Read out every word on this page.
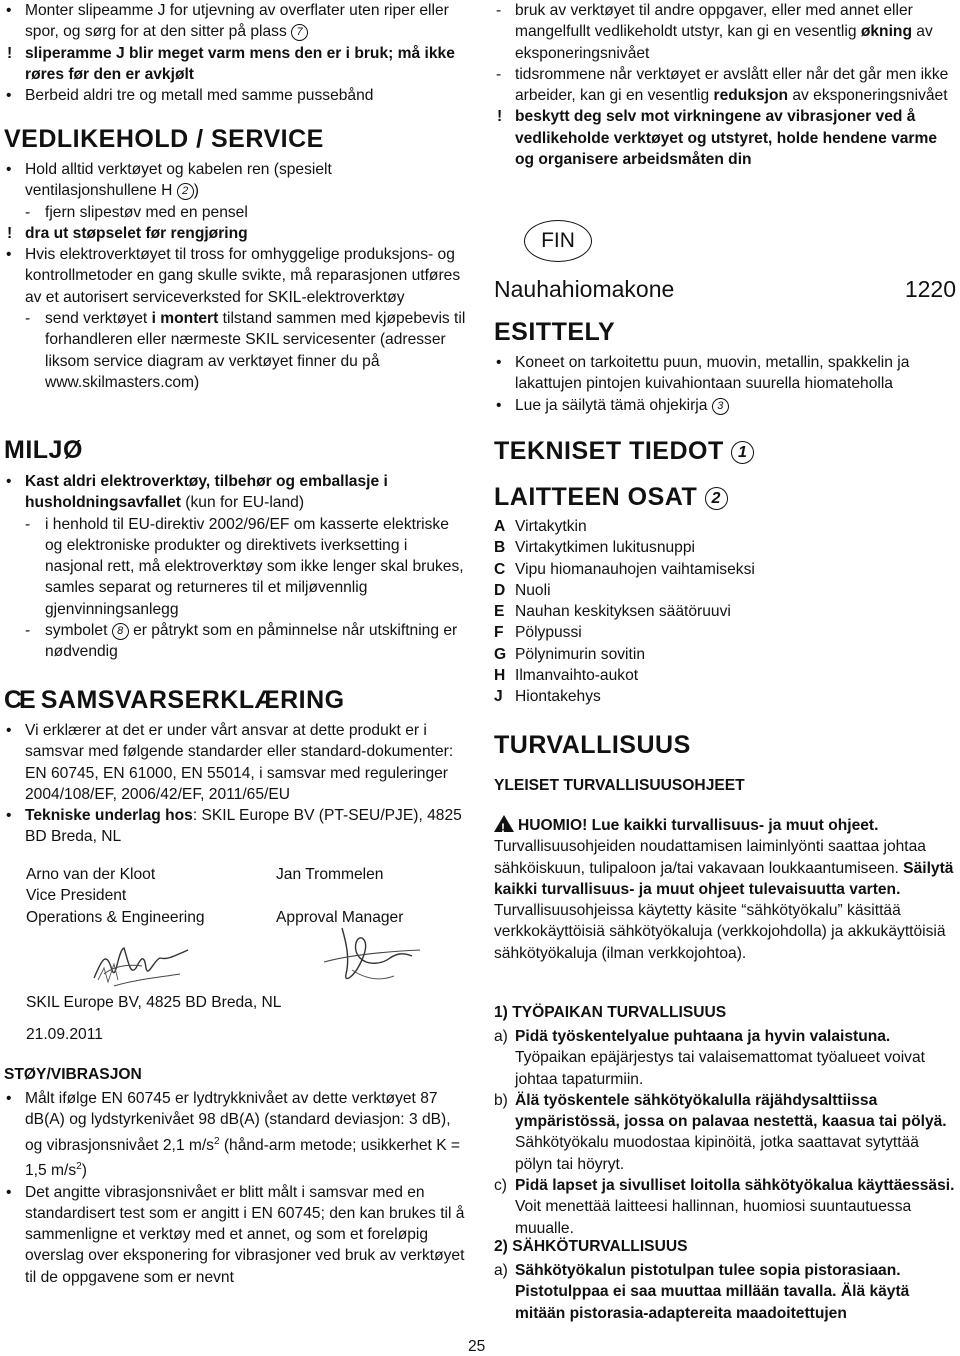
• Monter slipeamme J for utjevning av overflater uten riper eller spor, og sørg for at den sitter på plass 7

! sliperamme J blir meget varm mens den er i bruk; må ikke røres før den er avkjølt

• Berbeid aldri tre og metall med samme pussebånd

VEDLIKEHOLD / SERVICE

• Hold alltid verktøyet og kabelen ren (spesielt ventilasjonshullene H 2 )

- fjern slipestøv med en pensel

! dra ut støpselet før rengjøring

• Hvis elektroverktøyet til tross for omhyggelige produksjons- og kontrollmetoder en gang skulle svikte, må reparasjonen utføres av et autorisert serviceverksted for SKIL-elektroverktøy

- send verktøyet i montert tilstand sammen med kjøpebevis til forhandleren eller nærmeste SKIL servicesenter (adresser liksom service diagram av verktøyet finner du på www.skilmasters.com)

MILJØ

• Kast aldri elektroverktøy, tilbehør og emballasje i husholdningsavfallet (kun for EU-land)

- i henhold til EU-direktiv 2002/96/EF om kasserte elektriske og elektroniske produkter og direktivets iverksetting i nasjonal rett, må elektroverktøy som ikke lenger skal brukes, samles separat og returneres til et miljøvennlig gjenvinningsanlegg

- symbolet 8 er påtrykt som en påminnelse når utskiftning er nødvendig

CE SAMSVARSERKLÆRING

• Vi erklærer at det er under vårt ansvar at dette produkt er i samsvar med følgende standarder eller standard-dokumenter: EN 60745, EN 61000, EN 55014, i samsvar med reguleringer 2004/108/EF, 2006/42/EF, 2011/65/EU

• Tekniske underlag hos: SKIL Europe BV (PT-SEU/PJE), 4825 BD Breda, NL

Arno van der Kloot
Vice President
Operations & Engineering
Jan Trommelen
Approval Manager
SKIL Europe BV, 4825 BD Breda, NL
21.09.2011
STØY/VIBRASJON

• Målt ifølge EN 60745 er lydtrykknivået av dette verktøyet 87 dB(A) og lydstyrkenivået 98 dB(A) (standard deviasjon: 3 dB), og vibrasjonsnivået 2,1 $m/s^2$ (hånd-arm metode; usikkerhet K = 1,5 $m/s^2$)

• Det angitte vibrasjonsnivået er blitt målt i samsvar med en standardisert test som er angitt i EN 60745; den kan brukes til å sammenligne et verktøy med et annet, og som et foreløpig overslag over eksponering for vibrasjoner ved bruk av verktøyet til de oppgavene som er nevnt

- bruk av verktøyet til andre oppgaver, eller med annet eller mangelfullt vedlikeholdt utstyr, kan gi en vesentlig økning av eksponeringsnivået

- tidsrommene når verktøyet er avslått eller når det går men ikke arbeider, kan gi en vesentlig reduksjon av eksponeringsnivået

! beskytt deg selv mot virkningene av vibrasjoner ved å vedlikeholde verktøyet og utstyret, holde hendene varme og organisere arbeidsmåten din

FIN
Nauhahiomakone	1220
ESITTELY

• Koneet on tarkoitettu puun, muovin, metallin, spakkelin ja lakattujen pintojen kuivahiontaan suurella hiomateholla

• Lue ja säilytä tämä ohjekirja 3

TEKNISET TIEDOT 1
LAITTEEN OSAT 2

A Virtakytkin

B Virtakytkimen lukitusnuppi

C Vipu hiomanauhojen vaihtamiseksi

D Nuoli

E Nauhan keskityksen säätöruuvi

F Pölypussi

G Pölynimurin sovitin

H Ilmanvaihto-aukot

J Hiontakehys

TURVALLISUUS
YLEISET TURVALLISUUSOHJEET

!HUOMIO! Lue kaikki turvallisuus- ja muut ohjeet. Turvallisuusohjeiden noudattamisen laiminlyönti saattaa johtaa sähköiskuun, tulipaloon ja/tai vakavaan loukkaantumiseen. Säilytä kaikki turvallisuus- ja muut ohjeet tulevaisuutta varten. Turvallisuusohjeissa käytetty käsite “sähkötyökalu” käsittää verkkokäyttöisiä sähkötyökaluja (verkkojohdolla) ja akkukäyttöisiä sähkötyökaluja (ilman verkkojohtoa).

1) TYÖPAIKAN TURVALLISUUS

a) Pidä työskentelyalue puhtaana ja hyvin valaistuna. Työpaikan epäjärjestys tai valaisemattomat työalueet voivat johtaa tapaturmiin.

b) Älä työskentele sähkötyökalulla räjähdysalttiissa ympäristössä, jossa on palavaa nestettä, kaasua tai pölyä. Sähkötyökalu muodostaa kipinöitä, jotka saattavat sytyttää pölyn tai höyryt.

c) Pidä lapset ja sivulliset loitolla sähkötyökalua käyttäessäsi. Voit menettää laitteesi hallinnan, huomiosi suuntautuessa muualle.

2) SÄHKÖTURVALLISUUS

a) Sähkötyökalun pistotulpan tulee sopia pistorasiaan. Pistotulppaa ei saa muuttaa millään tavalla. Älä käytä mitään pistorasia-adaptereita maadoitettujen

25
